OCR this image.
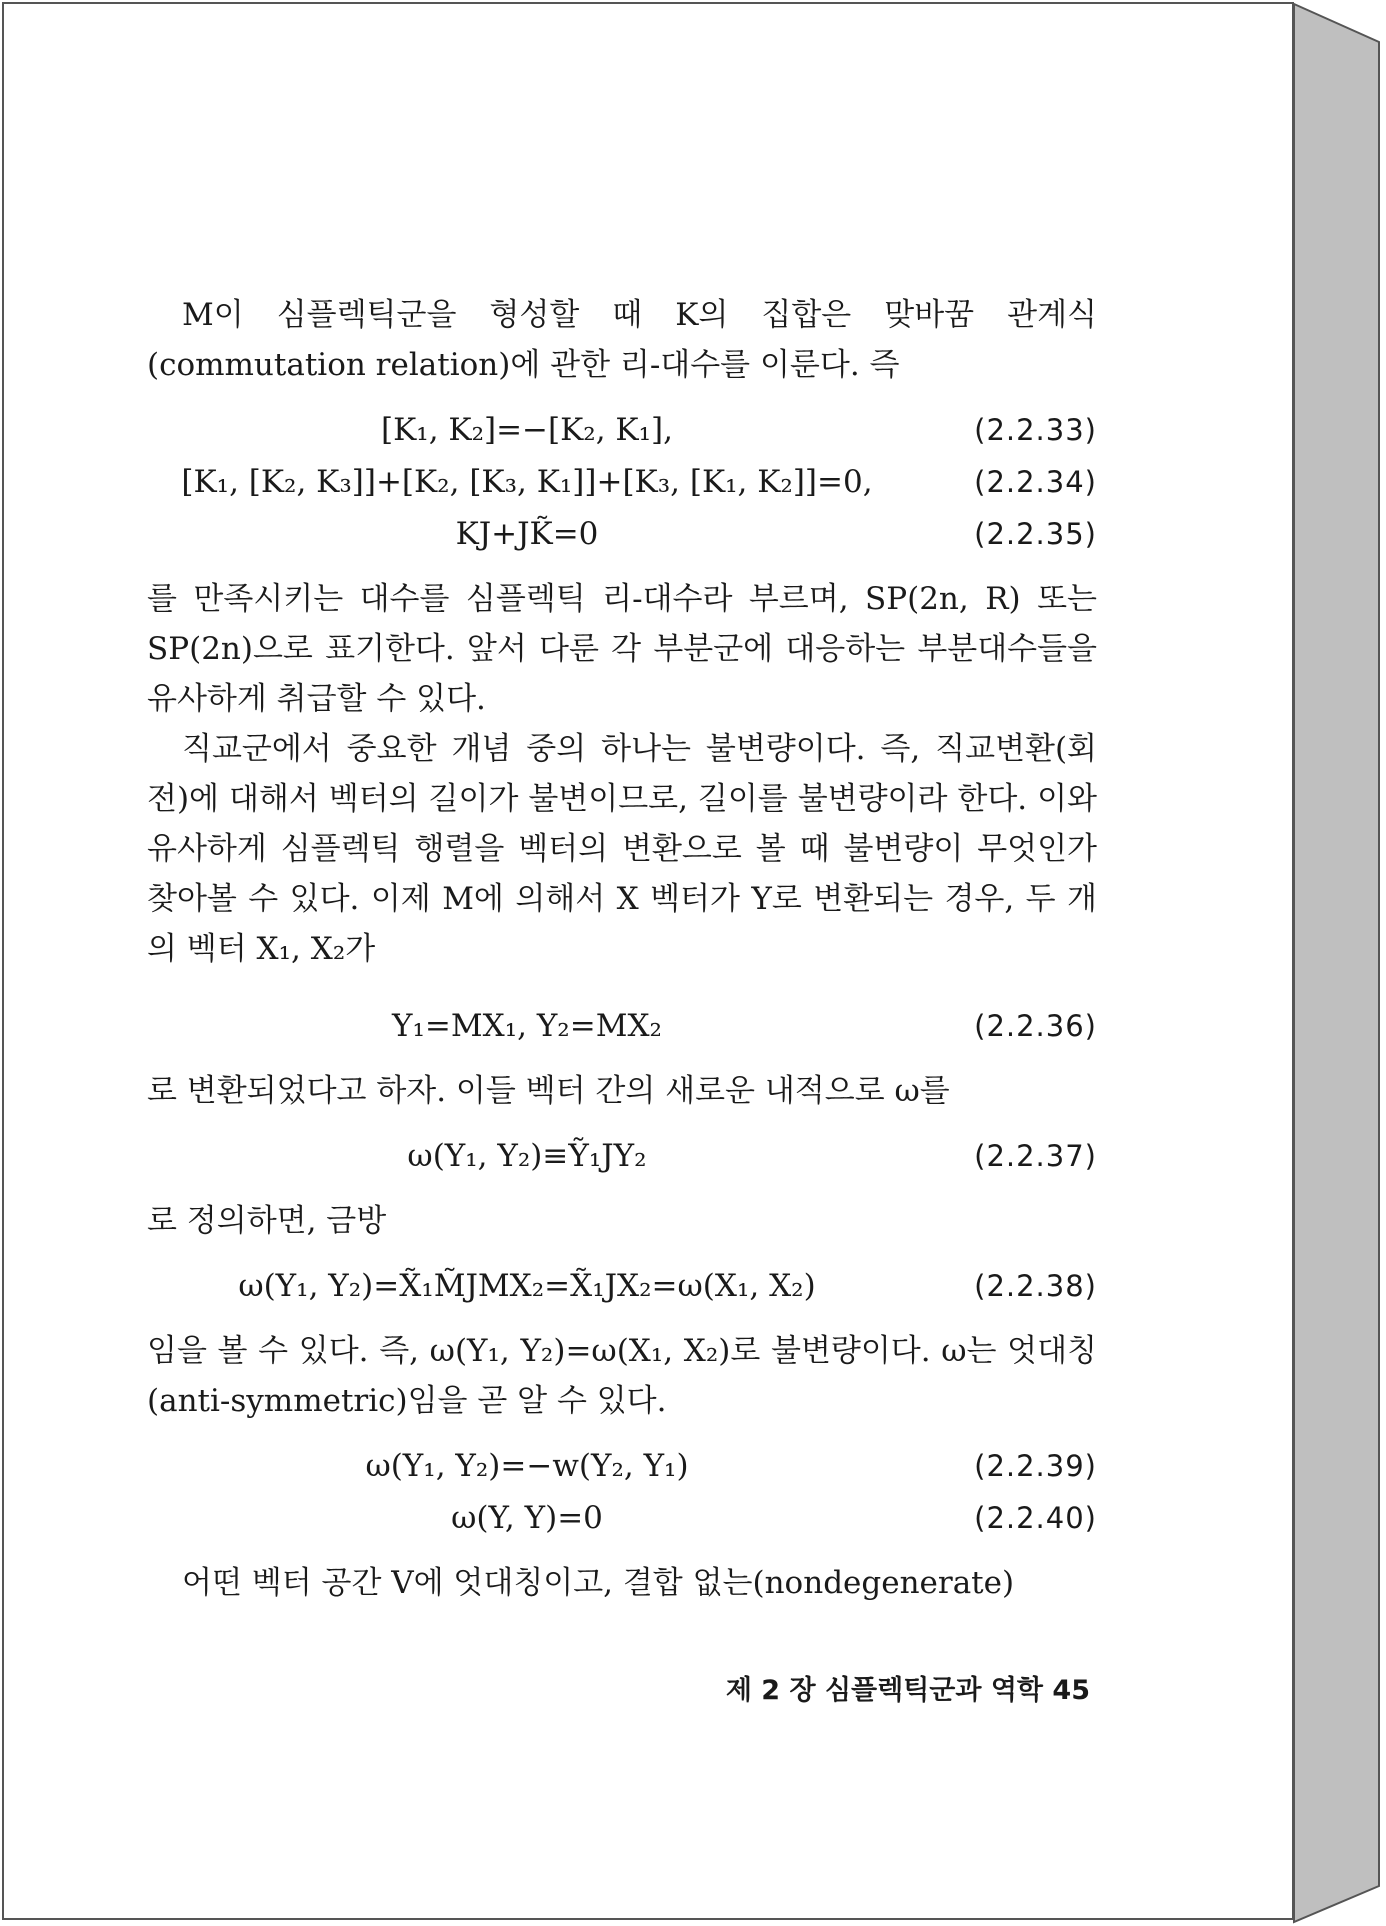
M이 심플렉틱군을 형성할 때 K의 집합은 맞바꿈 관계식 (commutation relation)에 관한 리-대수를 이룬다. 즉

[K₁, K₂]=−[K₂, K₁],	(2.2.33)
[K₁, [K₂, K₃]]+[K₂, [K₃, K₁]]+[K₃, [K₁, K₂]]=0,	(2.2.34)
KJ+JK̃=0	(2.2.35)

를 만족시키는 대수를 심플렉틱 리-대수라 부르며, SP(2n, R) 또는 SP(2n)으로 표기한다. 앞서 다룬 각 부분군에 대응하는 부분대수들을 유사하게 취급할 수 있다.

직교군에서 중요한 개념 중의 하나는 불변량이다. 즉, 직교변환(회전)에 대해서 벡터의 길이가 불변이므로, 길이를 불변량이라 한다. 이와 유사하게 심플렉틱 행렬을 벡터의 변환으로 볼 때 불변량이 무엇인가 찾아볼 수 있다. 이제 M에 의해서 X 벡터가 Y로 변환되는 경우, 두 개의 벡터 X₁, X₂가

Y₁=MX₁, Y₂=MX₂	(2.2.36)

로 변환되었다고 하자. 이들 벡터 간의 새로운 내적으로 ω를

ω(Y₁, Y₂)≡Ỹ₁JY₂	(2.2.37)

로 정의하면, 금방

ω(Y₁, Y₂)=X̃₁M̃JMX₂=X̃₁JX₂=ω(X₁, X₂)	(2.2.38)

임을 볼 수 있다. 즉, ω(Y₁, Y₂)=ω(X₁, X₂)로 불변량이다. ω는 엇대칭(anti-symmetric)임을 곧 알 수 있다.

ω(Y₁, Y₂)=−w(Y₂, Y₁)	(2.2.39)
ω(Y, Y)=0	(2.2.40)

어떤 벡터 공간 V에 엇대칭이고, 결합 없는(nondegenerate)

제 2 장 심플렉틱군과 역학 45
